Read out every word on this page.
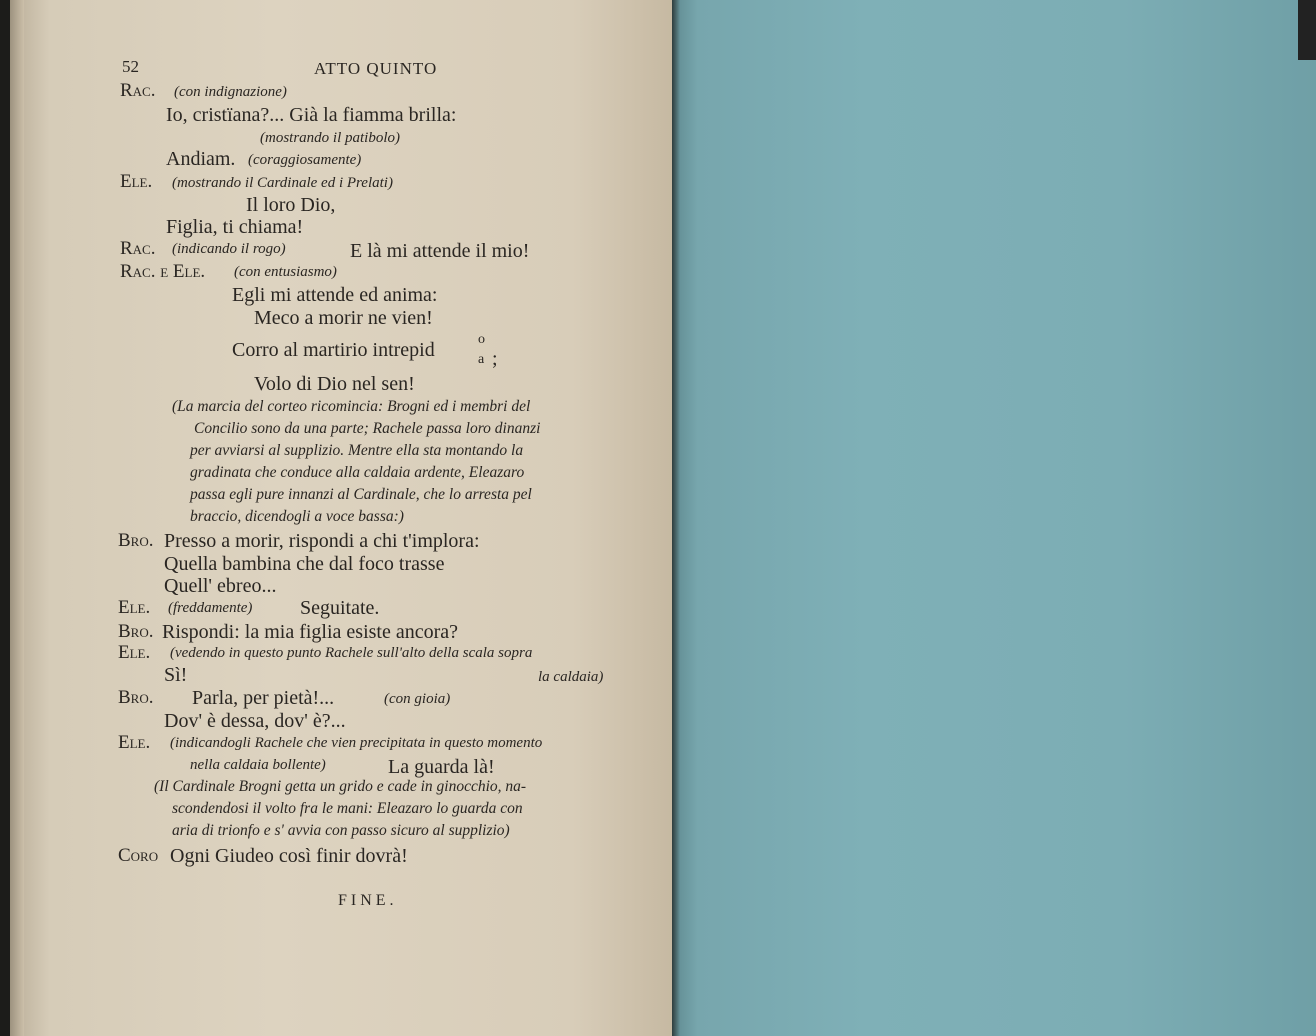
52	ATTO QUINTO
Rac. (con indignazione)
Io, cristïana?... Già la fiamma brilla:
(mostrando il patibolo)
Andiam. (coraggiosamente)
Ele. (mostrando il Cardinale ed i Prelati)
Il loro Dio,
Figlia, ti chiama!
Rac. (indicando il rogo)	E là mi attende il mio!
Rac. e Ele. (con entusiasmo)
Egli mi attende ed anima:
Meco a morir ne vien!
Corro al martirio intrepid	o
a ;
Volo di Dio nel sen!
(La marcia del corteo ricomincia: Brogni ed i membri del
Concilio sono da una parte; Rachele passa loro dinanzi
per avviarsi al supplizio. Mentre ella sta montando la
gradinata che conduce alla caldaia ardente, Eleazaro
passa egli pure innanzi al Cardinale, che lo arresta pel
braccio, dicendogli a voce bassa:)
Bro. Presso a morir, rispondi a chi t'implora:
Quella bambina che dal foco trasse
Quell' ebreo...
Ele. (freddamente) Seguitate.
Bro. Rispondi: la mia figlia esiste ancora?
Ele. (vedendo in questo punto Rachele sull'alto della scala sopra
Sì!	la caldaia)
Bro. Parla, per pietà!...	(con gioia)
Dov' è dessa, dov' è?...
Ele. (indicandogli Rachele che vien precipitata in questo momento
nella caldaia bollente)	La guarda là!
(Il Cardinale Brogni getta un grido e cade in ginocchio, na-
scondendosi il volto fra le mani: Eleazaro lo guarda con
aria di trionfo e s' avvia con passo sicuro al supplizio)
Coro Ogni Giudeo così finir dovrà!
FINE.
